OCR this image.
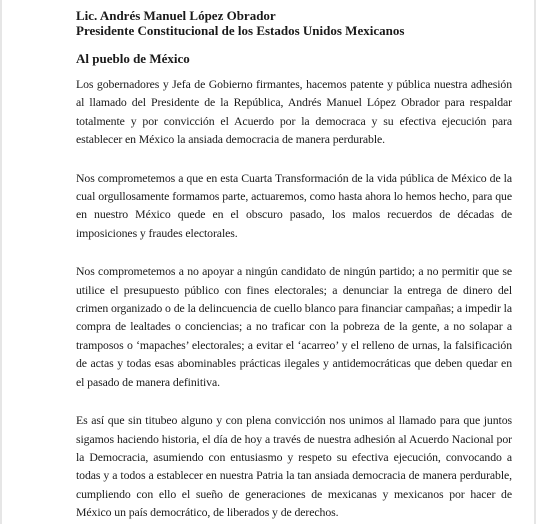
Lic. Andrés Manuel López Obrador
Presidente Constitucional de los Estados Unidos Mexicanos
Al pueblo de México

Los gobernadores y Jefa de Gobierno firmantes, hacemos patente y pública nuestra adhesión al llamado del Presidente de la República, Andrés Manuel López Obrador para respaldar totalmente y por convicción el Acuerdo por la democraca y su efectiva ejecución para establecer en México la ansiada democracia de manera perdurable.

Nos comprometemos a que en esta Cuarta Transformación de la vida pública de México de la cual orgullosamente formamos parte, actuaremos, como hasta ahora lo hemos hecho, para que en nuestro México quede en el obscuro pasado, los malos recuerdos de décadas de imposiciones y fraudes electorales.

Nos comprometemos a no apoyar a ningún candidato de ningún partido; a no permitir que se utilice el presupuesto público con fines electorales; a denunciar la entrega de dinero del crimen organizado o de la delincuencia de cuello blanco para financiar campañas; a impedir la compra de lealtades o conciencias; a no traficar con la pobreza de la gente, a no solapar a tramposos o ‘mapaches’ electorales; a evitar el ‘acarreo’ y el relleno de urnas, la falsificación de actas y todas esas abominables prácticas ilegales y antidemocráticas que deben quedar en el pasado de manera definitiva.

Es así que sin titubeo alguno y con plena convicción nos unimos al llamado para que juntos sigamos haciendo historia, el día de hoy a través de nuestra adhesión al Acuerdo Nacional por la Democracia, asumiendo con entusiasmo y respeto su efectiva ejecución, convocando a todas y a todos a establecer en nuestra Patria la tan ansiada democracia de manera perdurable, cumpliendo con ello el sueño de generaciones de mexicanas y mexicanos por hacer de México un país democrático, de liberados y de derechos.
